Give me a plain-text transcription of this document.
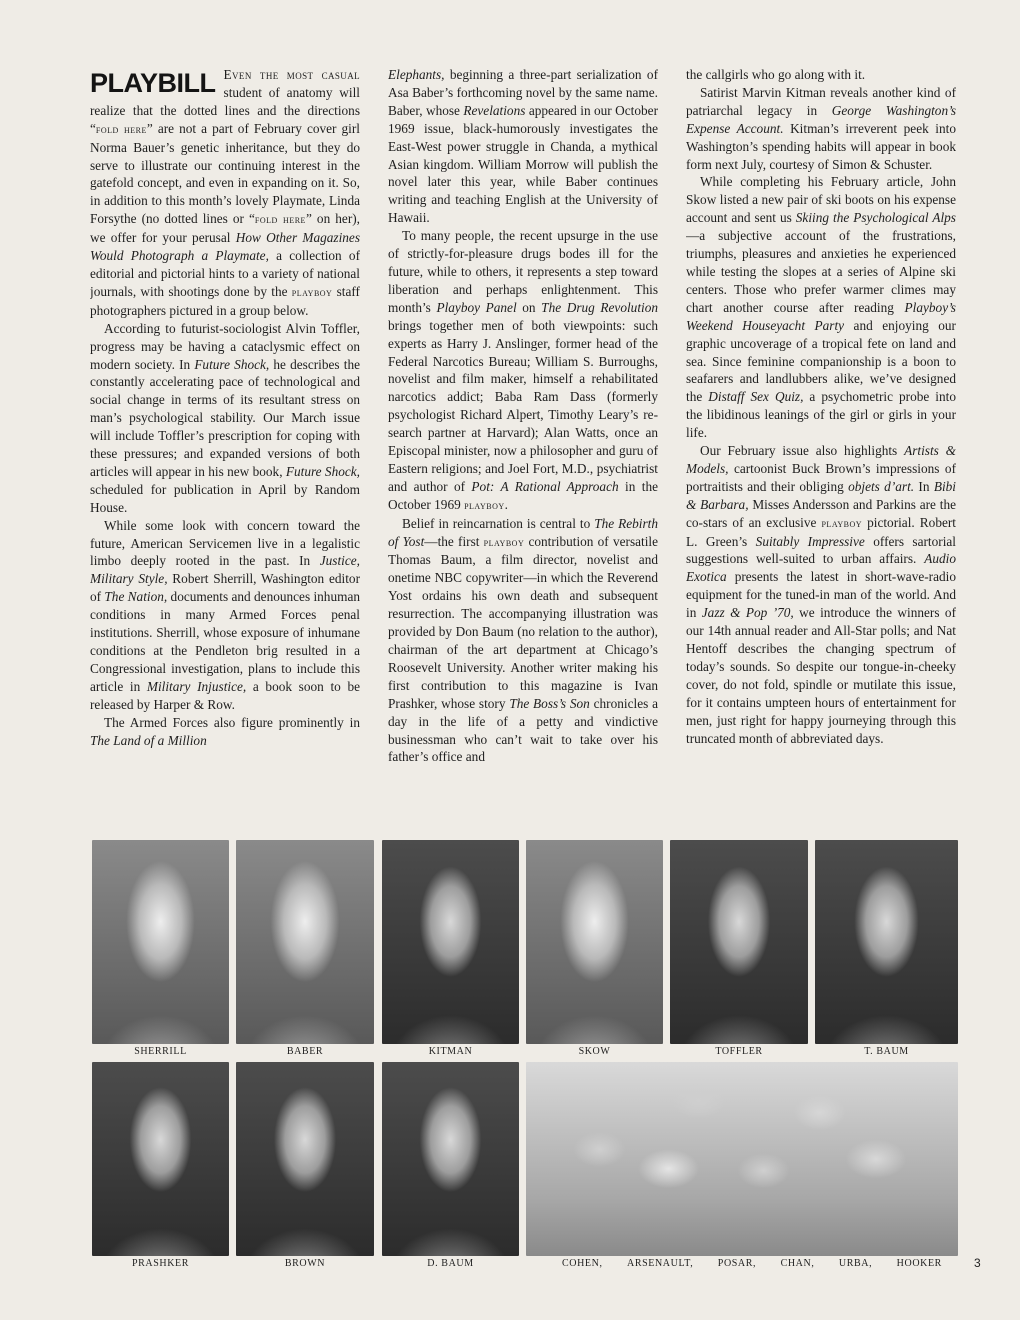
PLAYBILL Even the most casual student of anatomy will realize that the dotted lines and the directions “fold here” are not a part of February cover girl Norma Bauer’s genetic inheritance, but they do serve to illustrate our continuing interest in the gatefold concept, and even in expanding on it. So, in addition to this month’s lovely Playmate, Linda Forsythe (no dotted lines or “fold here” on her), we offer for your perusal How Other Magazines Would Photograph a Playmate, a collection of editorial and pictorial hints to a variety of national journals, with shootings done by the playboy staff photographers pictured in a group below.

According to futurist-sociologist Alvin Toffler, progress may be having a cataclysmic effect on modern society. In Future Shock, he describes the constantly accelerating pace of technological and social change in terms of its resultant stress on man’s psychological stability. Our March issue will include Toffler’s prescription for coping with these pressures; and expanded versions of both articles will appear in his new book, Future Shock, scheduled for publication in April by Random House.

While some look with concern toward the future, American Servicemen live in a legalistic limbo deeply rooted in the past. In Justice, Military Style, Robert Sherrill, Washington editor of The Nation, documents and denounces inhuman conditions in many Armed Forces penal institutions. Sherrill, whose exposure of inhumane conditions at the Pendleton brig resulted in a Congressional investigation, plans to include this article in Military Injustice, a book soon to be released by Harper & Row.

The Armed Forces also figure prominently in The Land of a Million

Elephants, beginning a three-part serialization of Asa Baber’s forthcoming novel by the same name. Baber, whose Revelations appeared in our October 1969 issue, black-humorously investigates the East-West power struggle in Chanda, a mythical Asian kingdom. William Morrow will publish the novel later this year, while Baber continues writing and teaching English at the University of Hawaii.

To many people, the recent upsurge in the use of strictly-for-pleasure drugs bodes ill for the future, while to others, it represents a step toward liberation and perhaps enlightenment. This month’s Playboy Panel on The Drug Revolution brings together men of both viewpoints: such experts as Harry J. Anslinger, former head of the Federal Narcotics Bureau; William S. Burroughs, novelist and film maker, himself a rehabilitated narcotics addict; Baba Ram Dass (formerly psychologist Richard Alpert, Timothy Leary’s research partner at Harvard); Alan Watts, once an Episcopal minister, now a philosopher and guru of Eastern religions; and Joel Fort, M.D., psychiatrist and author of Pot: A Rational Approach in the October 1969 playboy.

Belief in reincarnation is central to The Rebirth of Yost—the first playboy contribution of versatile Thomas Baum, a film director, novelist and onetime NBC copywriter—in which the Reverend Yost ordains his own death and subsequent resurrection. The accompanying illustration was provided by Don Baum (no relation to the author), chairman of the art department at Chicago’s Roosevelt University. Another writer making his first contribution to this magazine is Ivan Prashker, whose story The Boss’s Son chronicles a day in the life of a petty and vindictive businessman who can’t wait to take over his father’s office and

the callgirls who go along with it.

Satirist Marvin Kitman reveals another kind of patriarchal legacy in George Washington’s Expense Account. Kitman’s irreverent peek into Washington’s spending habits will appear in book form next July, courtesy of Simon & Schuster.

While completing his February article, John Skow listed a new pair of ski boots on his expense account and sent us Skiing the Psychological Alps—a subjective account of the frustrations, triumphs, pleasures and anxieties he experienced while testing the slopes at a series of Alpine ski centers. Those who prefer warmer climes may chart another course after reading Playboy’s Weekend Houseyacht Party and enjoying our graphic uncoverage of a tropical fete on land and sea. Since feminine companionship is a boon to seafarers and landlubbers alike, we’ve designed the Distaff Sex Quiz, a psychometric probe into the libidinous leanings of the girl or girls in your life.

Our February issue also highlights Artists & Models, cartoonist Buck Brown’s impressions of portraitists and their obliging objets d’art. In Bibi & Barbara, Misses Andersson and Parkins are the co-stars of an exclusive playboy pictorial. Robert L. Green’s Suitably Impressive offers sartorial suggestions well-suited to urban affairs. Audio Exotica presents the latest in short-wave-radio equipment for the tuned-in man of the world. And in Jazz & Pop ’70, we introduce the winners of our 14th annual reader and All-Star polls; and Nat Hentoff describes the changing spectrum of today’s sounds. So despite our tongue-in-cheeky cover, do not fold, spindle or mutilate this issue, for it contains umpteen hours of entertainment for men, just right for happy journeying through this truncated month of abbreviated days.

SHERRILL	BABER	KITMAN	SKOW	TOFFLER	T. BAUM
PRASHKER	BROWN	D. BAUM	COHEN, ARSENAULT, POSAR, CHAN, URBA, HOOKER	3
